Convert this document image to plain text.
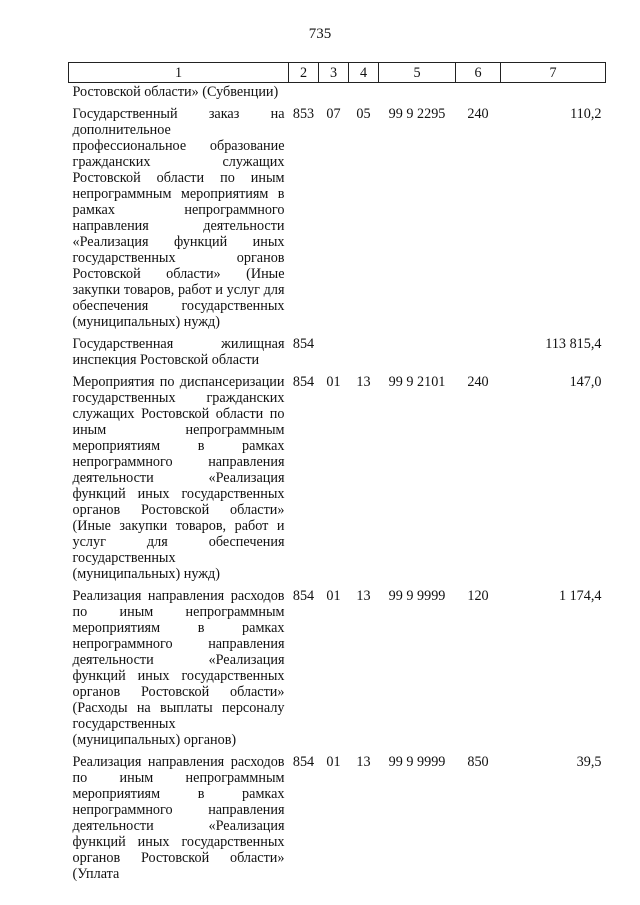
735
1	2	3	4	5	6	7
Ростовской области» (Субвенции)						
Государственный заказ на дополнительное профессиональное образование гражданских служащих Ростовской области по иным непрограммным мероприятиям в рамках непрограммного направления деятельности «Реализация функций иных государственных органов Ростовской области» (Иные закупки товаров, работ и услуг для обеспечения государственных (муниципальных) нужд)	853	07	05	99 9 2295	240	110,2
Государственная жилищная инспекция Ростовской области	854					113 815,4
Мероприятия по диспансеризации государственных гражданских служащих Ростовской области по иным непрограммным мероприятиям в рамках непрограммного направления деятельности «Реализация функций иных государственных органов Ростовской области» (Иные закупки товаров, работ и услуг для обеспечения государственных (муниципальных) нужд)	854	01	13	99 9 2101	240	147,0
Реализация направления расходов по иным непрограммным мероприятиям в рамках непрограммного направления деятельности «Реализация функций иных государственных органов Ростовской области» (Расходы на выплаты персоналу государственных (муниципальных) органов)	854	01	13	99 9 9999	120	1 174,4
Реализация направления расходов по иным непрограммным мероприятиям в рамках непрограммного направления деятельности «Реализация функций иных государственных органов Ростовской области» (Уплата	854	01	13	99 9 9999	850	39,5
